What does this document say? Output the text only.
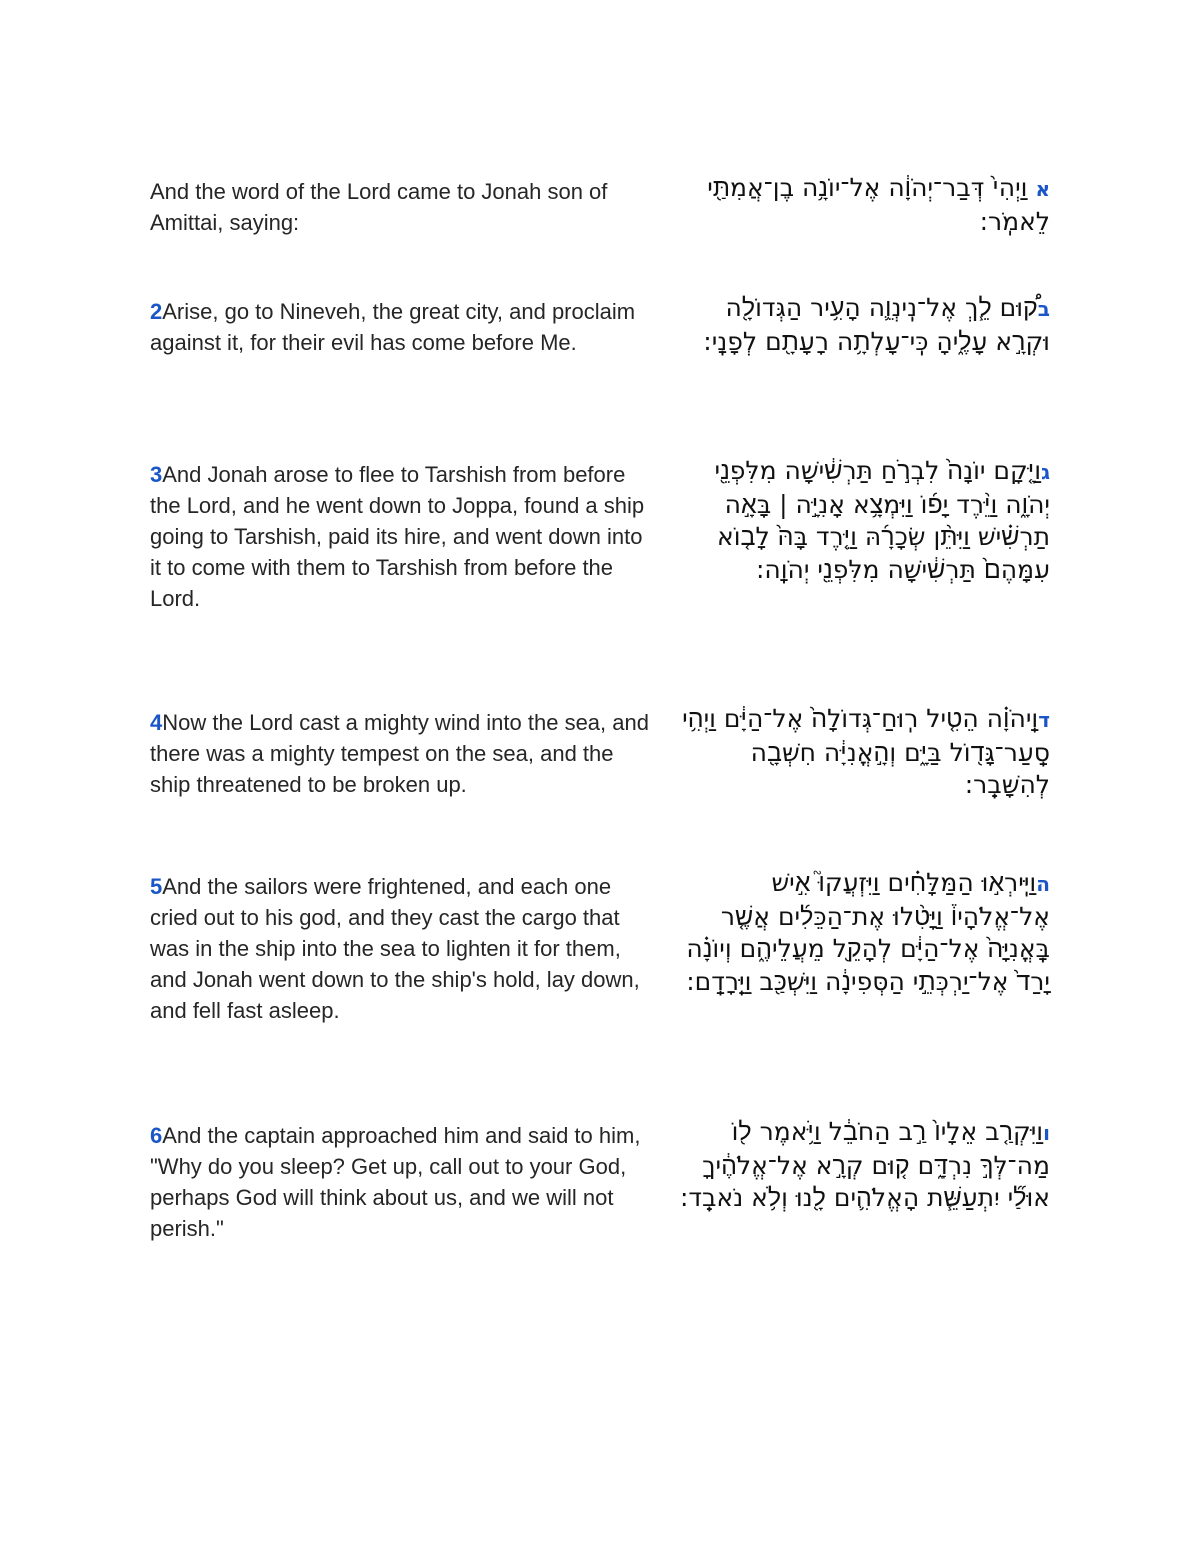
And the word of the Lord came to Jonah son of Amittai, saying:

א וַיְהִי֙ דְּבַר־יְהֹוָ֔ה אֶל־יוֹנָ֥ה בֶן־אֲמִתַּ֖י לֵאמֹֽר:

2Arise, go to Nineveh, the great city, and proclaim against it, for their evil has come before Me.

בק֠וּם לֵ֧ךְ אֶל־נִֽינְוֵ֛ה הָעִ֥יר הַגְּדוֹלָ֖ה וּקְרָ֣א עָלֶ֑יהָ כִּֽי־עָלְתָ֥ה רָעָתָ֖ם לְפָנָֽי:

3And Jonah arose to flee to Tarshish from before the Lord, and he went down to Joppa, found a ship going to Tarshish, paid its hire, and went down into it to come with them to Tarshish from before the Lord.

גוַיָּ֤קָם יוֹנָה֙ לִבְרֹ֣חַ תַּרְשִׁ֔ישָׁה מִלִּפְנֵ֖י יְהֹוָ֑ה וַיֵּ֨רֶד יָפ֜וֹ וַיִּמְצָ֥א אָנִיָּ֣ה | בָּאָ֣ה תַרְשִׁ֗ישׁ וַיִּתֵּ֨ן שְׂכָרָ֜הּ וַיֵּ֤רֶד בָּהּ֙ לָב֤וֹא עִמָּהֶם֙ תַּרְשִׁ֔ישָׁה מִלִּפְנֵ֖י יְהֹוָֽה:

4Now the Lord cast a mighty wind into the sea, and there was a mighty tempest on the sea, and the ship threatened to be broken up.

דוַֽיהֹוָ֗ה הֵטִ֤יל רֽוּחַ־גְּדוֹלָה֙ אֶל־הַיָּ֔ם וַיְהִ֥י סַֽעַר־גָּד֖וֹל בַּיָּ֑ם וְהָ֣אֳנִיָּ֔ה חִשְּׁבָ֖ה לְהִשָּׁבֵֽר:

5And the sailors were frightened, and each one cried out to his god, and they cast the cargo that was in the ship into the sea to lighten it for them, and Jonah went down to the ship's hold, lay down, and fell fast asleep.

הוַיִּֽירְא֣וּ הַמַּלָּחִ֗ים וַיִּזְעֲקוּ֮ אִ֣ישׁ אֶל־אֱלֹהָיו֒ וַיָּטִ֨לוּ אֶת־הַכֵּלִ֜ים אֲשֶׁ֤ר בָּֽאֳנִיָּה֙ אֶל־הַיָּ֔ם לְהָקֵ֖ל מֵעֲלֵיהֶ֑ם וְיוֹנָ֗ה יָרַד֙ אֶל־יַרְכְּתֵ֣י הַסְּפִינָ֔ה וַיִּשְׁכַּ֖ב וַיֵּֽרָדַֽם:

6And the captain approached him and said to him, "Why do you sleep? Get up, call out to your God, perhaps God will think about us, and we will not perish."

ווַיִּקְרַ֤ב אֵלָיו֙ רַ֣ב הַחֹבֵ֔ל וַיֹּ֥אמֶר ל֖וֹ מַה־לְּךָ֣ נִרְדָּ֑ם ק֚וּם קְרָ֣א אֶל־אֱלֹהֶ֔יךָ אוּלַ֞י יִתְעַשֵּׁ֧ת הָאֱלֹהִ֛ים לָ֖נוּ וְלֹ֥א נֹאבֵֽד:
